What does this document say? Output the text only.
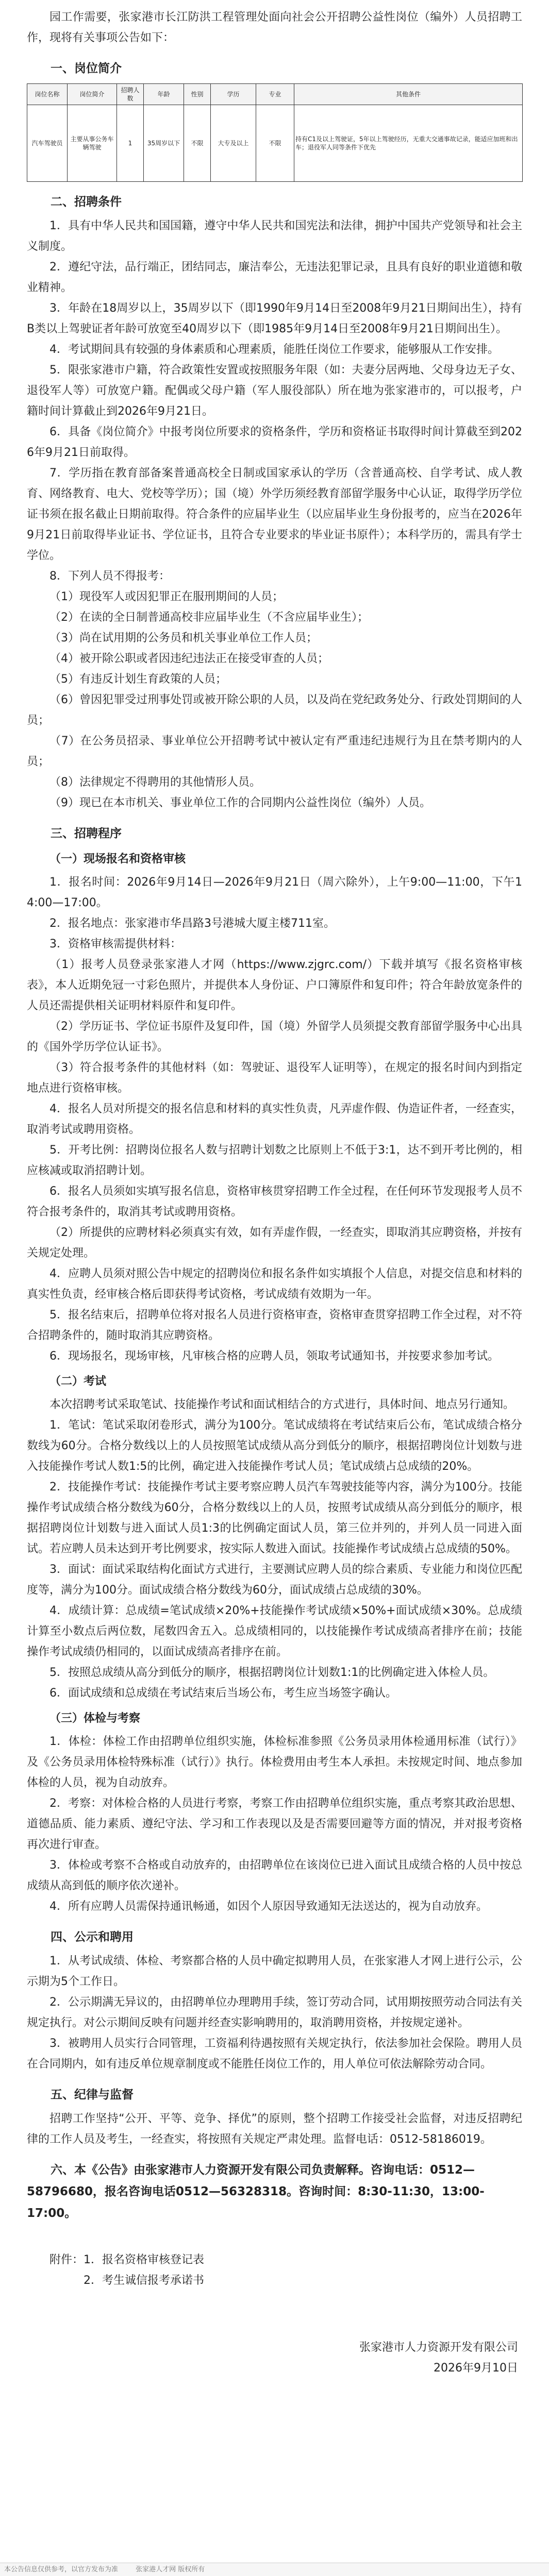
园工作需要，张家港市长江防洪工程管理处面向社会公开招聘公益性岗位（编外）人员招聘工作，现将有关事项公告如下：

一、岗位简介
岗位名称	岗位简介	招聘人数	年龄	性别	学历	专业	其他条件
汽车驾驶员	主要从事公务车辆驾驶	1	35周岁以下	不限	大专及以上	不限	持有C1及以上驾驶证，5年以上驾驶经历，无重大交通事故记录，能适应加班和出车；退役军人同等条件下优先
二、招聘条件

1．具有中华人民共和国国籍，遵守中华人民共和国宪法和法律，拥护中国共产党领导和社会主义制度。

2．遵纪守法，品行端正，团结同志，廉洁奉公，无违法犯罪记录，且具有良好的职业道德和敬业精神。

3．年龄在18周岁以上，35周岁以下（即1990年9月14日至2008年9月21日期间出生），持有B类以上驾驶证者年龄可放宽至40周岁以下（即1985年9月14日至2008年9月21日期间出生）。

4．考试期间具有较强的身体素质和心理素质，能胜任岗位工作要求，能够服从工作安排。

5．限张家港市户籍，符合政策性安置或按照服务年限（如：夫妻分居两地、父母身边无子女、退役军人等）可放宽户籍。配偶或父母户籍（军人服役部队）所在地为张家港市的，可以报考，户籍时间计算截止到2026年9月21日。

6．具备《岗位简介》中报考岗位所要求的资格条件，学历和资格证书取得时间计算截至到2026年9月21日前取得。

7．学历指在教育部备案普通高校全日制或国家承认的学历（含普通高校、自学考试、成人教育、网络教育、电大、党校等学历）；国（境）外学历须经教育部留学服务中心认证，取得学历学位证书须在报名截止日期前取得。符合条件的应届毕业生（以应届毕业生身份报考的，应当在2026年9月21日前取得毕业证书、学位证书，且符合专业要求的毕业证书原件）；本科学历的，需具有学士学位。

8．下列人员不得报考：

（1）现役军人或因犯罪正在服刑期间的人员；

（2）在读的全日制普通高校非应届毕业生（不含应届毕业生）；

（3）尚在试用期的公务员和机关事业单位工作人员；

（4）被开除公职或者因违纪违法正在接受审查的人员；

（5）有违反计划生育政策的人员；

（6）曾因犯罪受过刑事处罚或被开除公职的人员，以及尚在党纪政务处分、行政处罚期间的人员；

（7）在公务员招录、事业单位公开招聘考试中被认定有严重违纪违规行为且在禁考期内的人员；

（8）法律规定不得聘用的其他情形人员。

（9）现已在本市机关、事业单位工作的合同期内公益性岗位（编外）人员。

三、招聘程序
（一）现场报名和资格审核

1．报名时间：2026年9月14日—2026年9月21日（周六除外），上午9:00—11:00，下午14:00—17:00。

2．报名地点：张家港市华昌路3号港城大厦主楼711室。

3．资格审核需提供材料：

（1）报考人员登录张家港人才网（https://www.zjgrc.com/）下载并填写《报名资格审核表》，本人近期免冠一寸彩色照片，并提供本人身份证、户口簿原件和复印件；符合年龄放宽条件的人员还需提供相关证明材料原件和复印件。

（2）学历证书、学位证书原件及复印件，国（境）外留学人员须提交教育部留学服务中心出具的《国外学历学位认证书》。

（3）符合报考条件的其他材料（如：驾驶证、退役军人证明等），在规定的报名时间内到指定地点进行资格审核。

4．报名人员对所提交的报名信息和材料的真实性负责，凡弄虚作假、伪造证件者，一经查实，取消考试或聘用资格。

5．开考比例：招聘岗位报名人数与招聘计划数之比原则上不低于3:1，达不到开考比例的，相应核减或取消招聘计划。

6．报名人员须如实填写报名信息，资格审核贯穿招聘工作全过程，在任何环节发现报考人员不符合报考条件的，取消其考试或聘用资格。

（2）所提供的应聘材料必须真实有效，如有弄虚作假，一经查实，即取消其应聘资格，并按有关规定处理。

4．应聘人员须对照公告中规定的招聘岗位和报名条件如实填报个人信息，对提交信息和材料的真实性负责，经审核合格后即获得考试资格，考试成绩有效期为一年。

5．报名结束后，招聘单位将对报名人员进行资格审查，资格审查贯穿招聘工作全过程，对不符合招聘条件的，随时取消其应聘资格。

6．现场报名，现场审核，凡审核合格的应聘人员，领取考试通知书，并按要求参加考试。

（二）考试

本次招聘考试采取笔试、技能操作考试和面试相结合的方式进行，具体时间、地点另行通知。

1．笔试：笔试采取闭卷形式，满分为100分。笔试成绩将在考试结束后公布，笔试成绩合格分数线为60分。合格分数线以上的人员按照笔试成绩从高分到低分的顺序，根据招聘岗位计划数与进入技能操作考试人数1:5的比例，确定进入技能操作考试人员；笔试成绩占总成绩的20%。

2．技能操作考试：技能操作考试主要考察应聘人员汽车驾驶技能等内容，满分为100分。技能操作考试成绩合格分数线为60分，合格分数线以上的人员，按照考试成绩从高分到低分的顺序，根据招聘岗位计划数与进入面试人员1:3的比例确定面试人员，第三位并列的，并列人员一同进入面试。若应聘人员未达到开考比例要求，按实际人数进入面试。技能操作考试成绩占总成绩的50%。

3．面试：面试采取结构化面试方式进行，主要测试应聘人员的综合素质、专业能力和岗位匹配度等，满分为100分。面试成绩合格分数线为60分，面试成绩占总成绩的30%。

4．成绩计算：总成绩=笔试成绩×20%+技能操作考试成绩×50%+面试成绩×30%。总成绩计算至小数点后两位数，尾数四舍五入。总成绩相同的，以技能操作考试成绩高者排序在前；技能操作考试成绩仍相同的，以面试成绩高者排序在前。

5．按照总成绩从高分到低分的顺序，根据招聘岗位计划数1:1的比例确定进入体检人员。

6．面试成绩和总成绩在考试结束后当场公布，考生应当场签字确认。

（三）体检与考察

1．体检：体检工作由招聘单位组织实施，体检标准参照《公务员录用体检通用标准（试行）》及《公务员录用体检特殊标准（试行）》执行。体检费用由考生本人承担。未按规定时间、地点参加体检的人员，视为自动放弃。

2．考察：对体检合格的人员进行考察，考察工作由招聘单位组织实施，重点考察其政治思想、道德品质、能力素质、遵纪守法、学习和工作表现以及是否需要回避等方面的情况，并对报考资格再次进行审查。

3．体检或考察不合格或自动放弃的，由招聘单位在该岗位已进入面试且成绩合格的人员中按总成绩从高到低的顺序依次递补。

4．所有应聘人员需保持通讯畅通，如因个人原因导致通知无法送达的，视为自动放弃。

四、公示和聘用

1．从考试成绩、体检、考察都合格的人员中确定拟聘用人员，在张家港人才网上进行公示，公示期为5个工作日。

2．公示期满无异议的，由招聘单位办理聘用手续，签订劳动合同，试用期按照劳动合同法有关规定执行。对公示期间反映有问题并经查实影响聘用的，取消聘用资格，并按规定递补。

3．被聘用人员实行合同管理，工资福利待遇按照有关规定执行，依法参加社会保险。聘用人员在合同期内，如有违反单位规章制度或不能胜任岗位工作的，用人单位可依法解除劳动合同。

五、纪律与监督

招聘工作坚持“公开、平等、竞争、择优”的原则，整个招聘工作接受社会监督，对违反招聘纪律的工作人员及考生，一经查实，将按照有关规定严肃处理。监督电话：0512-58186019。

六、本《公告》由张家港市人力资源开发有限公司负责解释。咨询电话：0512—58796680，报名咨询电话0512—56328318。咨询时间：8:30-11:30，13:00-17:00。

附件：1．报名资格审核登记表

2．考生诚信报考承诺书

张家港市人力资源开发有限公司

2026年9月10日

本公告信息仅供参考，以官方发布为准	张家港人才网 版权所有
